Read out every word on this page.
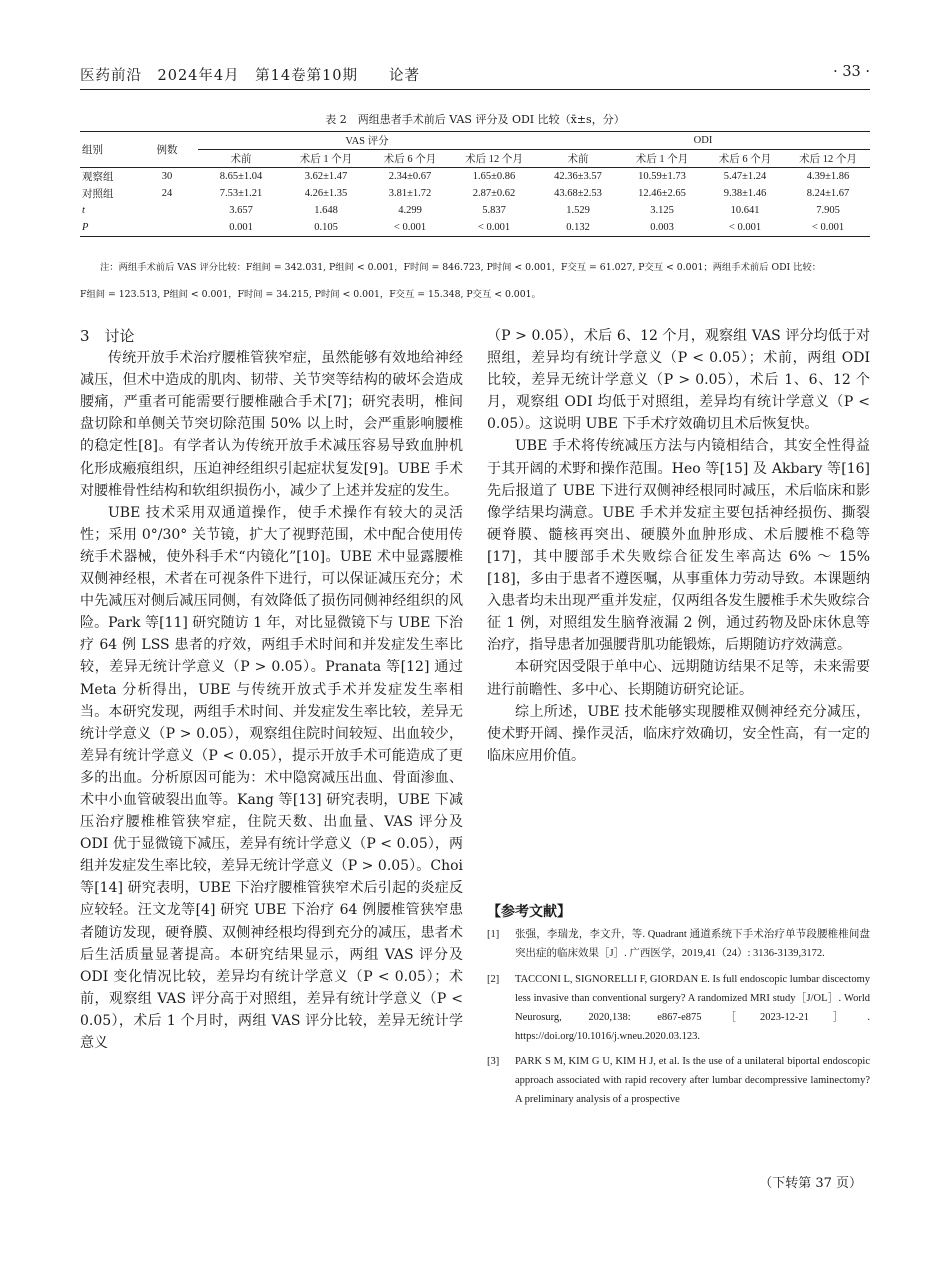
医药前沿　2024年4月　第14卷第10期　　论著	· 33 ·
表 2　两组患者手术前后 VAS 评分及 ODI 比较（x̄±s，分）
组别	例数	VAS 评分				ODI			
		术前	术后 1 个月	术后 6 个月	术后 12 个月	术前	术后 1 个月	术后 6 个月	术后 12 个月
观察组	30	8.65±1.04	3.62±1.47	2.34±0.67	1.65±0.86	42.36±3.57	10.59±1.73	5.47±1.24	4.39±1.86
对照组	24	7.53±1.21	4.26±1.35	3.81±1.72	2.87±0.62	43.68±2.53	12.46±2.65	9.38±1.46	8.24±1.67
t		3.657	1.648	4.299	5.837	1.529	3.125	10.641	7.905
P		0.001	0.105	< 0.001	< 0.001	0.132	0.003	< 0.001	< 0.001
注：两组手术前后 VAS 评分比较：F组间 = 342.031, P组间 < 0.001，F时间 = 846.723, P时间 < 0.001，F交互 = 61.027, P交互 < 0.001；两组手术前后 ODI 比较：
F组间 = 123.513, P组间 < 0.001，F时间 = 34.215, P时间 < 0.001，F交互 = 15.348, P交互 < 0.001。

3　讨论

传统开放手术治疗腰椎管狭窄症，虽然能够有效地给神经减压，但术中造成的肌肉、韧带、关节突等结构的破坏会造成腰痛，严重者可能需要行腰椎融合手术[7]；研究表明，椎间盘切除和单侧关节突切除范围 50% 以上时，会严重影响腰椎的稳定性[8]。有学者认为传统开放手术减压容易导致血肿机化形成瘢痕组织，压迫神经组织引起症状复发[9]。UBE 手术对腰椎骨性结构和软组织损伤小，减少了上述并发症的发生。

UBE 技术采用双通道操作，使手术操作有较大的灵活性；采用 0°/30° 关节镜，扩大了视野范围，术中配合使用传统手术器械，使外科手术“内镜化”[10]。UBE 术中显露腰椎双侧神经根，术者在可视条件下进行，可以保证减压充分；术中先减压对侧后减压同侧，有效降低了损伤同侧神经组织的风险。Park 等[11] 研究随访 1 年，对比显微镜下与 UBE 下治疗 64 例 LSS 患者的疗效，两组手术时间和并发症发生率比较，差异无统计学意义（P > 0.05）。Pranata 等[12] 通过 Meta 分析得出，UBE 与传统开放式手术并发症发生率相当。本研究发现，两组手术时间、并发症发生率比较，差异无统计学意义（P > 0.05），观察组住院时间较短、出血较少，差异有统计学意义（P < 0.05），提示开放手术可能造成了更多的出血。分析原因可能为：术中隐窝减压出血、骨面渗血、术中小血管破裂出血等。Kang 等[13] 研究表明，UBE 下减压治疗腰椎椎管狭窄症，住院天数、出血量、VAS 评分及 ODI 优于显微镜下减压，差异有统计学意义（P < 0.05），两组并发症发生率比较，差异无统计学意义（P > 0.05）。Choi 等[14] 研究表明，UBE 下治疗腰椎管狭窄术后引起的炎症反应较轻。汪文龙等[4] 研究 UBE 下治疗 64 例腰椎管狭窄患者随访发现，硬脊膜、双侧神经根均得到充分的减压，患者术后生活质量显著提高。本研究结果显示，两组 VAS 评分及 ODI 变化情况比较，差异均有统计学意义（P < 0.05）；术前，观察组 VAS 评分高于对照组，差异有统计学意义（P < 0.05），术后 1 个月时，两组 VAS 评分比较，差异无统计学意义

（P > 0.05），术后 6、12 个月，观察组 VAS 评分均低于对照组，差异均有统计学意义（P < 0.05）；术前，两组 ODI 比较，差异无统计学意义（P > 0.05），术后 1、6、12 个月，观察组 ODI 均低于对照组，差异均有统计学意义（P < 0.05）。这说明 UBE 下手术疗效确切且术后恢复快。

UBE 手术将传统减压方法与内镜相结合，其安全性得益于其开阔的术野和操作范围。Heo 等[15] 及 Akbary 等[16] 先后报道了 UBE 下进行双侧神经根同时减压，术后临床和影像学结果均满意。UBE 手术并发症主要包括神经损伤、撕裂硬脊膜、髓核再突出、硬膜外血肿形成、术后腰椎不稳等[17]，其中腰部手术失败综合征发生率高达 6% ～ 15%[18]，多由于患者不遵医嘱，从事重体力劳动导致。本课题纳入患者均未出现严重并发症，仅两组各发生腰椎手术失败综合征 1 例，对照组发生脑脊液漏 2 例，通过药物及卧床休息等治疗，指导患者加强腰背肌功能锻炼，后期随访疗效满意。

本研究因受限于单中心、远期随访结果不足等，未来需要进行前瞻性、多中心、长期随访研究论证。

综上所述，UBE 技术能够实现腰椎双侧神经充分减压，使术野开阔、操作灵活，临床疗效确切，安全性高，有一定的临床应用价值。

【参考文献】
[1] 张强，李瑞龙，李文升，等. Quadrant 通道系统下手术治疗单节段腰椎椎间盘突出症的临床效果［J］. 广西医学，2019,41（24）: 3136-3139,3172.
[2] TACCONI L, SIGNORELLI F, GIORDAN E. Is full endoscopic lumbar discectomy less invasive than conventional surgery? A randomized MRI study［J/OL］. World Neurosurg, 2020,138: e867-e875［2023-12-21］. https://doi.org/10.1016/j.wneu.2020.03.123.
[3] PARK S M, KIM G U, KIM H J, et al. Is the use of a unilateral biportal endoscopic approach associated with rapid recovery after lumbar decompressive laminectomy? A preliminary analysis of a prospective
（下转第 37 页）
